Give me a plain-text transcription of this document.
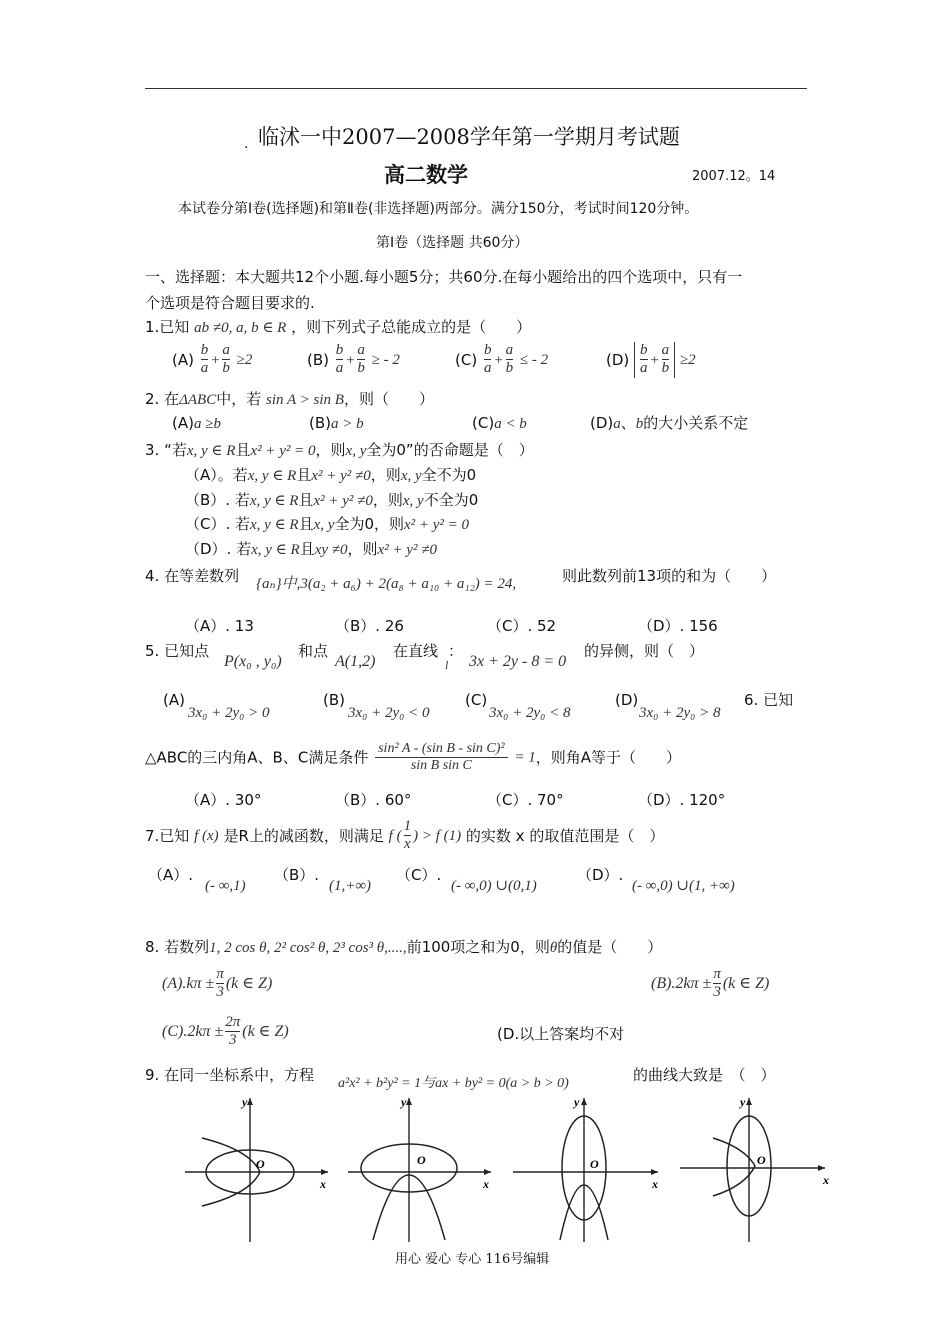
. 临沭一中2007—2008学年第一学期月考试题
高二数学	2007.12。14
本试卷分第Ⅰ卷(选择题)和第Ⅱ卷(非选择题)两部分。满分150分，考试时间120分钟。
第Ⅰ卷（选择题 共60分）
一、选择题：本大题共12个小题.每小题5分；共60分.在每小题给出的四个选项中，只有一
个选项是符合题目要求的.
1.已知 ab ≠0, a, b ∈ R ，则下列式子总能成立的是（　　）
$(A) \frac{b}{a} + \frac{a}{b} \ge 2$	$(B) \frac{b}{a} + \frac{a}{b}$ ≥ - 2	$(C) \frac{b}{a} + \frac{a}{b}$ ≤ - 2	$(D) \frac{b}{a} + \frac{a}{b} \ge 2$
2. 在ΔABC中，若 sin A > sin B，则（　　）
(A)a ≥b	(B)a > b	(C)a < b	(D)a、b的大小关系不定
3. “若x, y ∈ R且x² + y² = 0，则x, y全为0”的否命题是（　）
（A）。若x, y ∈ R且x² + y² ≠0，则x, y全不为0
（B）. 若x, y ∈ R且x² + y² ≠0，则x, y不全为0
（C）. 若x, y ∈ R且x, y全为0，则x² + y² = 0
（D）. 若x, y ∈ R且xy ≠0，则x² + y² ≠0
4. 在等差数列 {aₙ}中,3(a₂ + a₆) + 2(a₈ + a₁₀ + a₁₂) = 24,	则此数列前13项的和为（　　）
（A）. 13	（B）. 26	（C）. 52	（D）. 156
5. 已知点
P(x₀ , y₀)
和点
A(1,2)
在直线
l
：
3x + 2y - 8 = 0
的异侧，则（　）
(A)
3x₀ + 2y₀ > 0
(B)
3x₀ + 2y₀ < 0
(C)
3x₀ + 2y₀ < 8
(D)
3x₀ + 2y₀ > 8
6. 已知
△ABC的三内角A、B、C满足条件 $\frac{\text{sin² A - (sin B - sin C)²}}{\text{sin B sin C}} = 1$，则角A等于（　　）
（A）. 30°	（B）. 60°	（C）. 70°	（D）. 120°
7.已知 f (x) 是R上的减函数，则满足 f ( $\frac{1}{x}$ ) > f (1) 的实数 x 的取值范围是（　）
（A）.
(- ∞,1)
（B）.
(1,+∞)
（C）.
(- ∞,0) ∪(0,1)
（D）.
(- ∞,0) ∪(1, +∞)
8. 若数列1, 2 cos θ, 2² cos² θ, 2³ cos³ θ,....,前100项之和为0，则θ的值是（　　）
$(A).k\pi \pm \frac{\pi}{3} (k$ ∈ Z)	$(B).2k\pi \pm \frac{\pi}{3} (k$ ∈ Z)
$(C).2k\pi \pm \frac{2\pi}{3} (k$ ∈ Z)	(D.以上答案均不对
9. 在同一坐标系中，方程 a²x² + b²y² = 1与ax + by² = 0(a > b > 0)	的曲线大致是　（　）
y
x
O
y
x
O
y
x
O
y
x
O
用心 爱心 专心 116号编辑
